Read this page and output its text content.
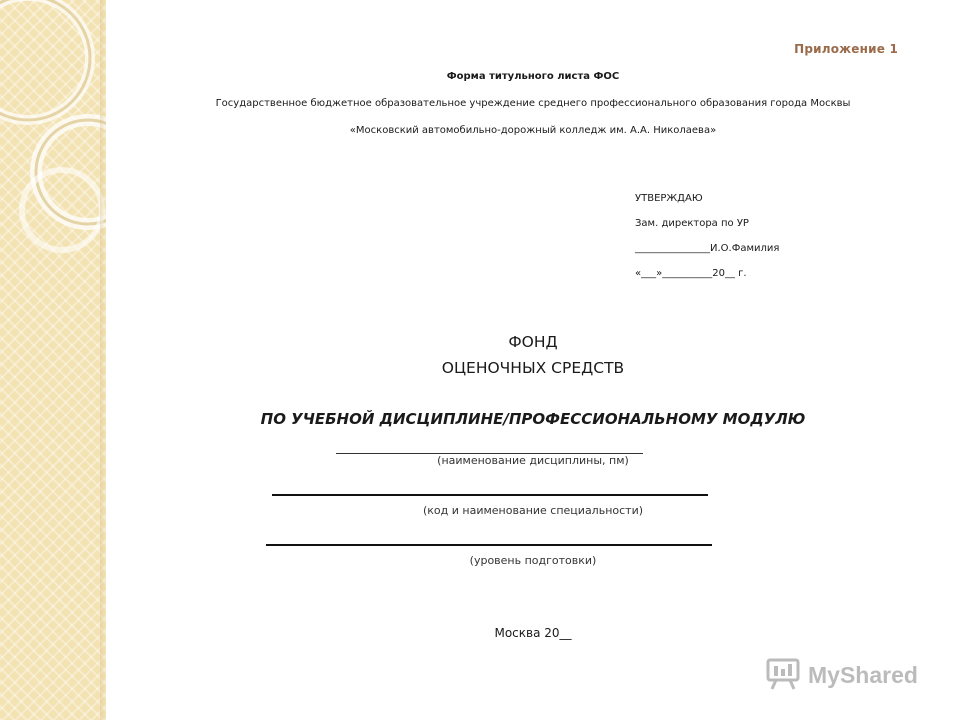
Приложение 1
Форма титульного листа ФОС
Государственное бюджетное образовательное учреждение среднего профессионального образования города Москвы
«Московский автомобильно-дорожный колледж им. А.А. Николаева»
УТВЕРЖДАЮ
Зам. директора по УР
_______________И.О.Фамилия
«___»__________20__ г.
ФОНД
ОЦЕНОЧНЫХ СРЕДСТВ
ПО УЧЕБНОЙ ДИСЦИПЛИНЕ/ПРОФЕССИОНАЛЬНОМУ МОДУЛЮ
(наименование дисциплины, пм)
(код и наименование специальности)
(уровень подготовки)
Москва 20__
MyShared
